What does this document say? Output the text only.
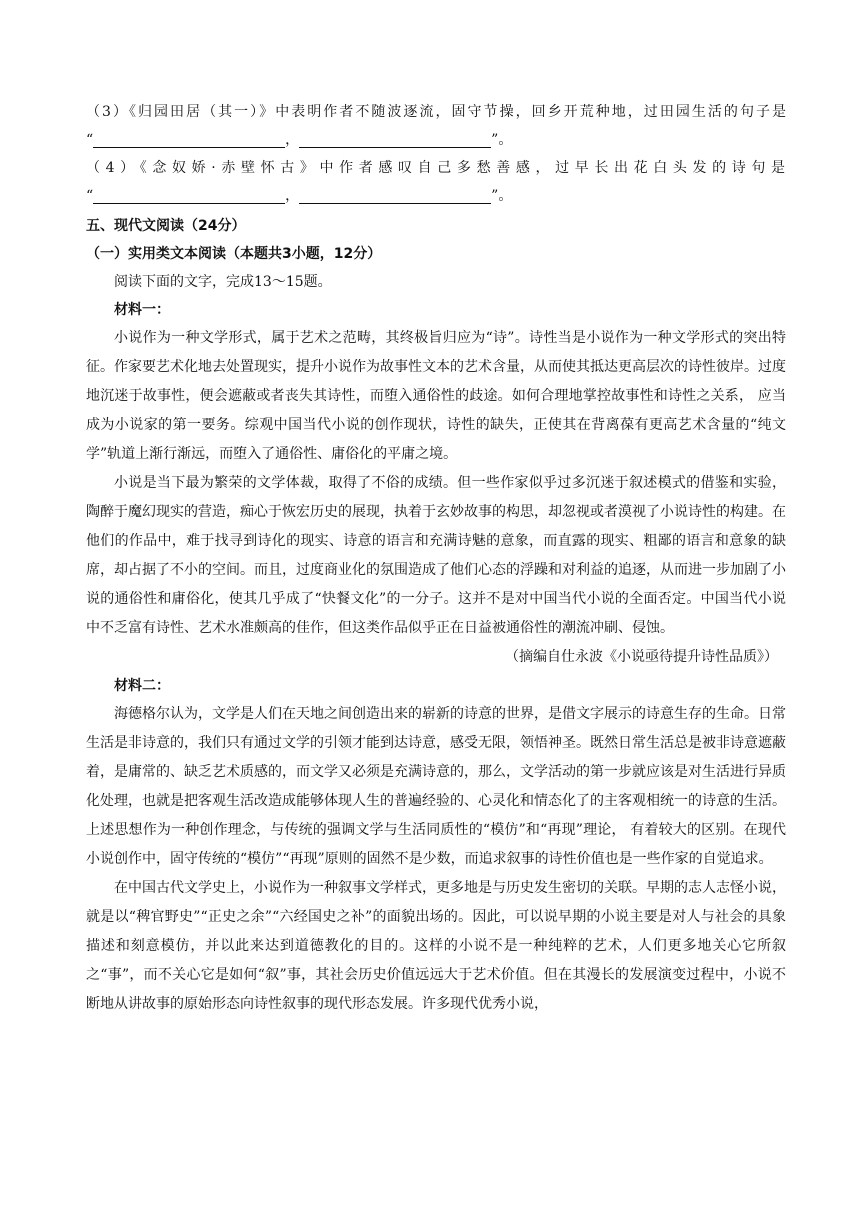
（3）《归园田居（其一）》中表明作者不随波逐流，固守节操，回乡开荒种地，过田园生活的句子是

“	，	”。

（4）《念奴娇·赤壁怀古》中作者感叹自己多愁善感，过早长出花白头发的诗句是

“	，	”。

五、现代文阅读（24分）

（一）实用类文本阅读（本题共3小题，12分）

阅读下面的文字，完成13～15题。

材料一：

小说作为一种文学形式，属于艺术之范畴，其终极旨归应为“诗”。诗性当是小说作为一种文学形式的突出特征。作家要艺术化地去处置现实，提升小说作为故事性文本的艺术含量，从而使其抵达更高层次的诗性彼岸。过度地沉迷于故事性，便会遮蔽或者丧失其诗性，而堕入通俗性的歧途。如何合理地掌控故事性和诗性之关系， 应当成为小说家的第一要务。综观中国当代小说的创作现状，诗性的缺失，正使其在背离葆有更高艺术含量的“纯文学”轨道上渐行渐远，而堕入了通俗性、庸俗化的平庸之境。

小说是当下最为繁荣的文学体裁，取得了不俗的成绩。但一些作家似乎过多沉迷于叙述模式的借鉴和实验， 陶醉于魔幻现实的营造，痴心于恢宏历史的展现，执着于玄妙故事的构思，却忽视或者漠视了小说诗性的构建。在他们的作品中，难于找寻到诗化的现实、诗意的语言和充满诗魅的意象，而直露的现实、粗鄙的语言和意象的缺席，却占据了不小的空间。而且，过度商业化的氛围造成了他们心态的浮躁和对利益的追逐，从而进一步加剧了小说的通俗性和庸俗化，使其几乎成了“快餐文化”的一分子。这并不是对中国当代小说的全面否定。中国当代小说中不乏富有诗性、艺术水准颇高的佳作，但这类作品似乎正在日益被通俗性的潮流冲刷、侵蚀。

（摘编自仕永波《小说亟待提升诗性品质》）

材料二：

海德格尔认为，文学是人们在天地之间创造出来的崭新的诗意的世界，是借文字展示的诗意生存的生命。日常生活是非诗意的，我们只有通过文学的引领才能到达诗意，感受无限，领悟神圣。既然日常生活总是被非诗意遮蔽着，是庸常的、缺乏艺术质感的，而文学又必须是充满诗意的，那么，文学活动的第一步就应该是对生活进行异质化处理，也就是把客观生活改造成能够体现人生的普遍经验的、心灵化和情态化了的主客观相统一的诗意的生活。上述思想作为一种创作理念，与传统的强调文学与生活同质性的“模仿”和“再现”理论， 有着较大的区别。在现代小说创作中，固守传统的“模仿”“再现”原则的固然不是少数，而追求叙事的诗性价值也是一些作家的自觉追求。

在中国古代文学史上，小说作为一种叙事文学样式，更多地是与历史发生密切的关联。早期的志人志怪小说，就是以“稗官野史”“正史之余”“六经国史之补”的面貌出场的。因此，可以说早期的小说主要是对人与社会的具象描述和刻意模仿，并以此来达到道德教化的目的。这样的小说不是一种纯粹的艺术，人们更多地关心它所叙之“事”，而不关心它是如何“叙”事，其社会历史价值远远大于艺术价值。但在其漫长的发展演变过程中，小说不断地从讲故事的原始形态向诗性叙事的现代形态发展。许多现代优秀小说，
